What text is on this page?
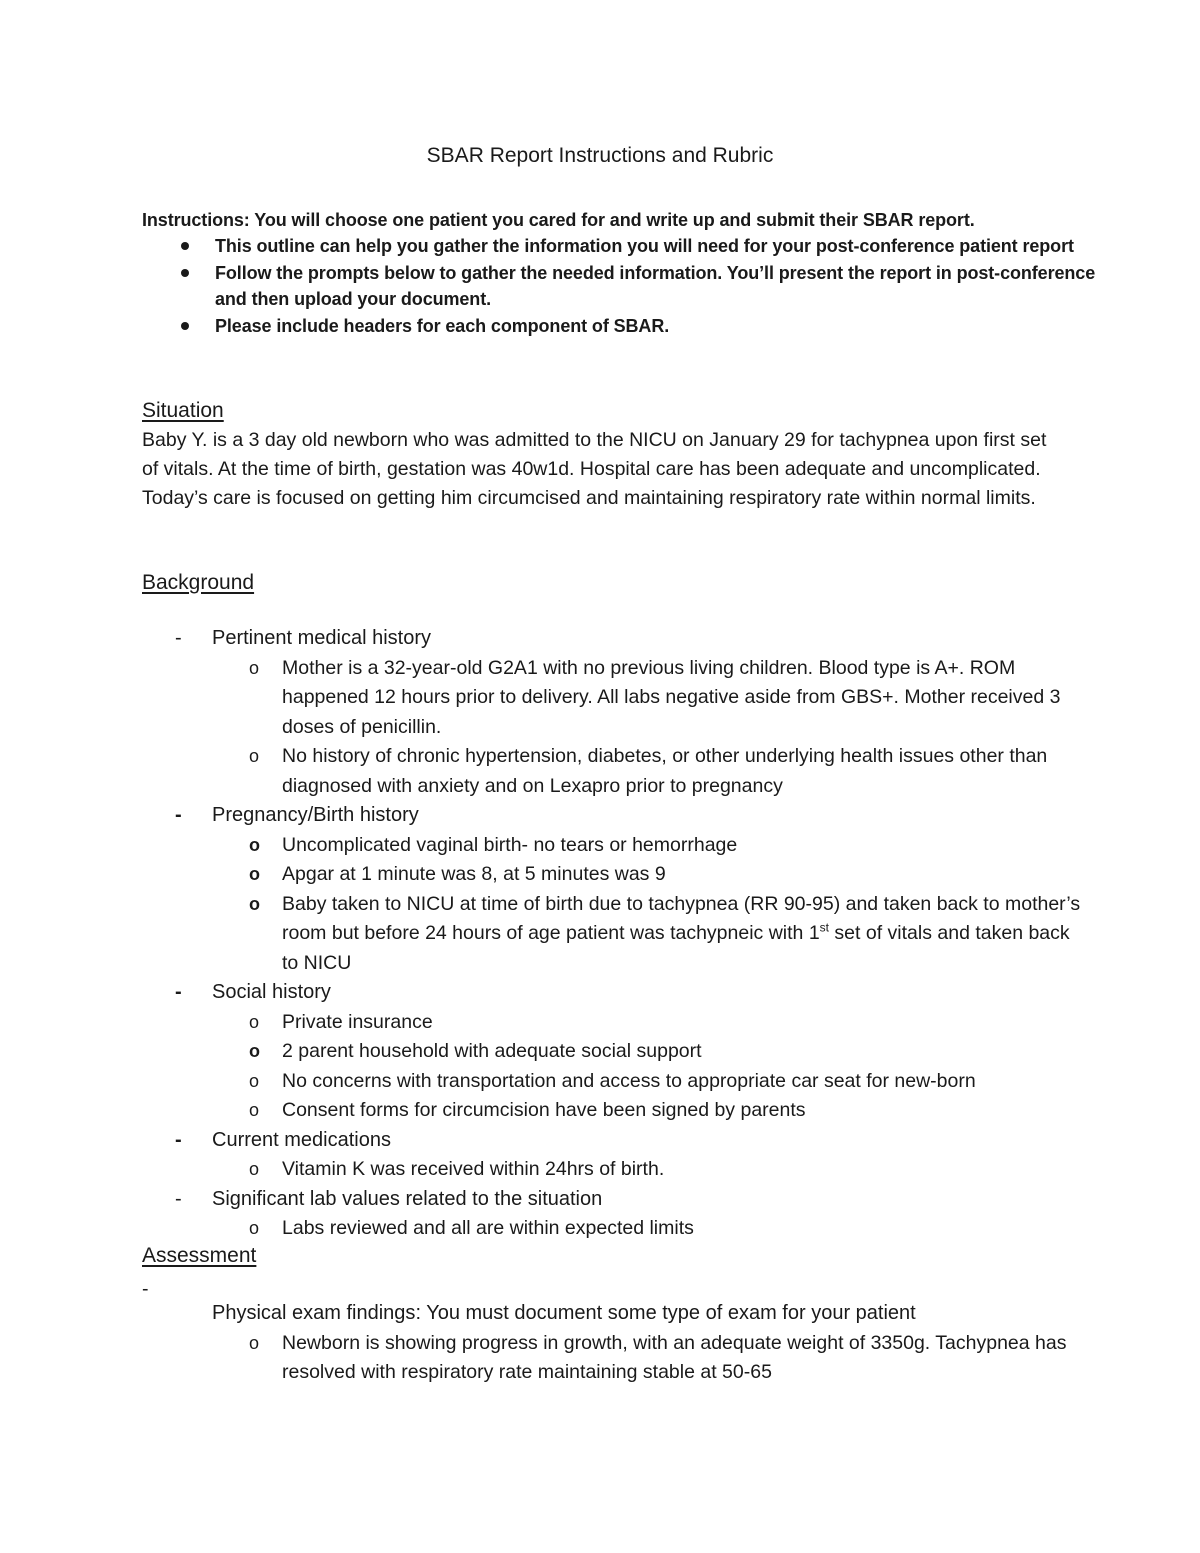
SBAR Report Instructions and Rubric
Instructions: You will choose one patient you cared for and write up and submit their SBAR report.
This outline can help you gather the information you will need for your post-conference patient report
Follow the prompts below to gather the needed information. You’ll present the report in post-conference and then upload your document.
Please include headers for each component of SBAR.
Situation
Baby Y. is a 3 day old newborn who was admitted to the NICU on January 29 for tachypnea upon first set of vitals. At the time of birth, gestation was 40w1d. Hospital care has been adequate and uncomplicated. Today’s care is focused on getting him circumcised and maintaining respiratory rate within normal limits.
Background
- Pertinent medical history
o Mother is a 32-year-old G2A1 with no previous living children. Blood type is A+. ROM happened 12 hours prior to delivery. All labs negative aside from GBS+. Mother received 3 doses of penicillin.
o No history of chronic hypertension, diabetes, or other underlying health issues other than diagnosed with anxiety and on Lexapro prior to pregnancy
- Pregnancy/Birth history
o Uncomplicated vaginal birth- no tears or hemorrhage
o Apgar at 1 minute was 8, at 5 minutes was 9
o Baby taken to NICU at time of birth due to tachypnea (RR 90-95) and taken back to mother’s room but before 24 hours of age patient was tachypneic with 1st set of vitals and taken back to NICU
- Social history
o Private insurance
o 2 parent household with adequate social support
o No concerns with transportation and access to appropriate car seat for new-born
o Consent forms for circumcision have been signed by parents
- Current medications
o Vitamin K was received within 24hrs of birth.
- Significant lab values related to the situation
o Labs reviewed and all are within expected limits
Assessment
-
Physical exam findings: You must document some type of exam for your patient
o Newborn is showing progress in growth, with an adequate weight of 3350g. Tachypnea has resolved with respiratory rate maintaining stable at 50-65
